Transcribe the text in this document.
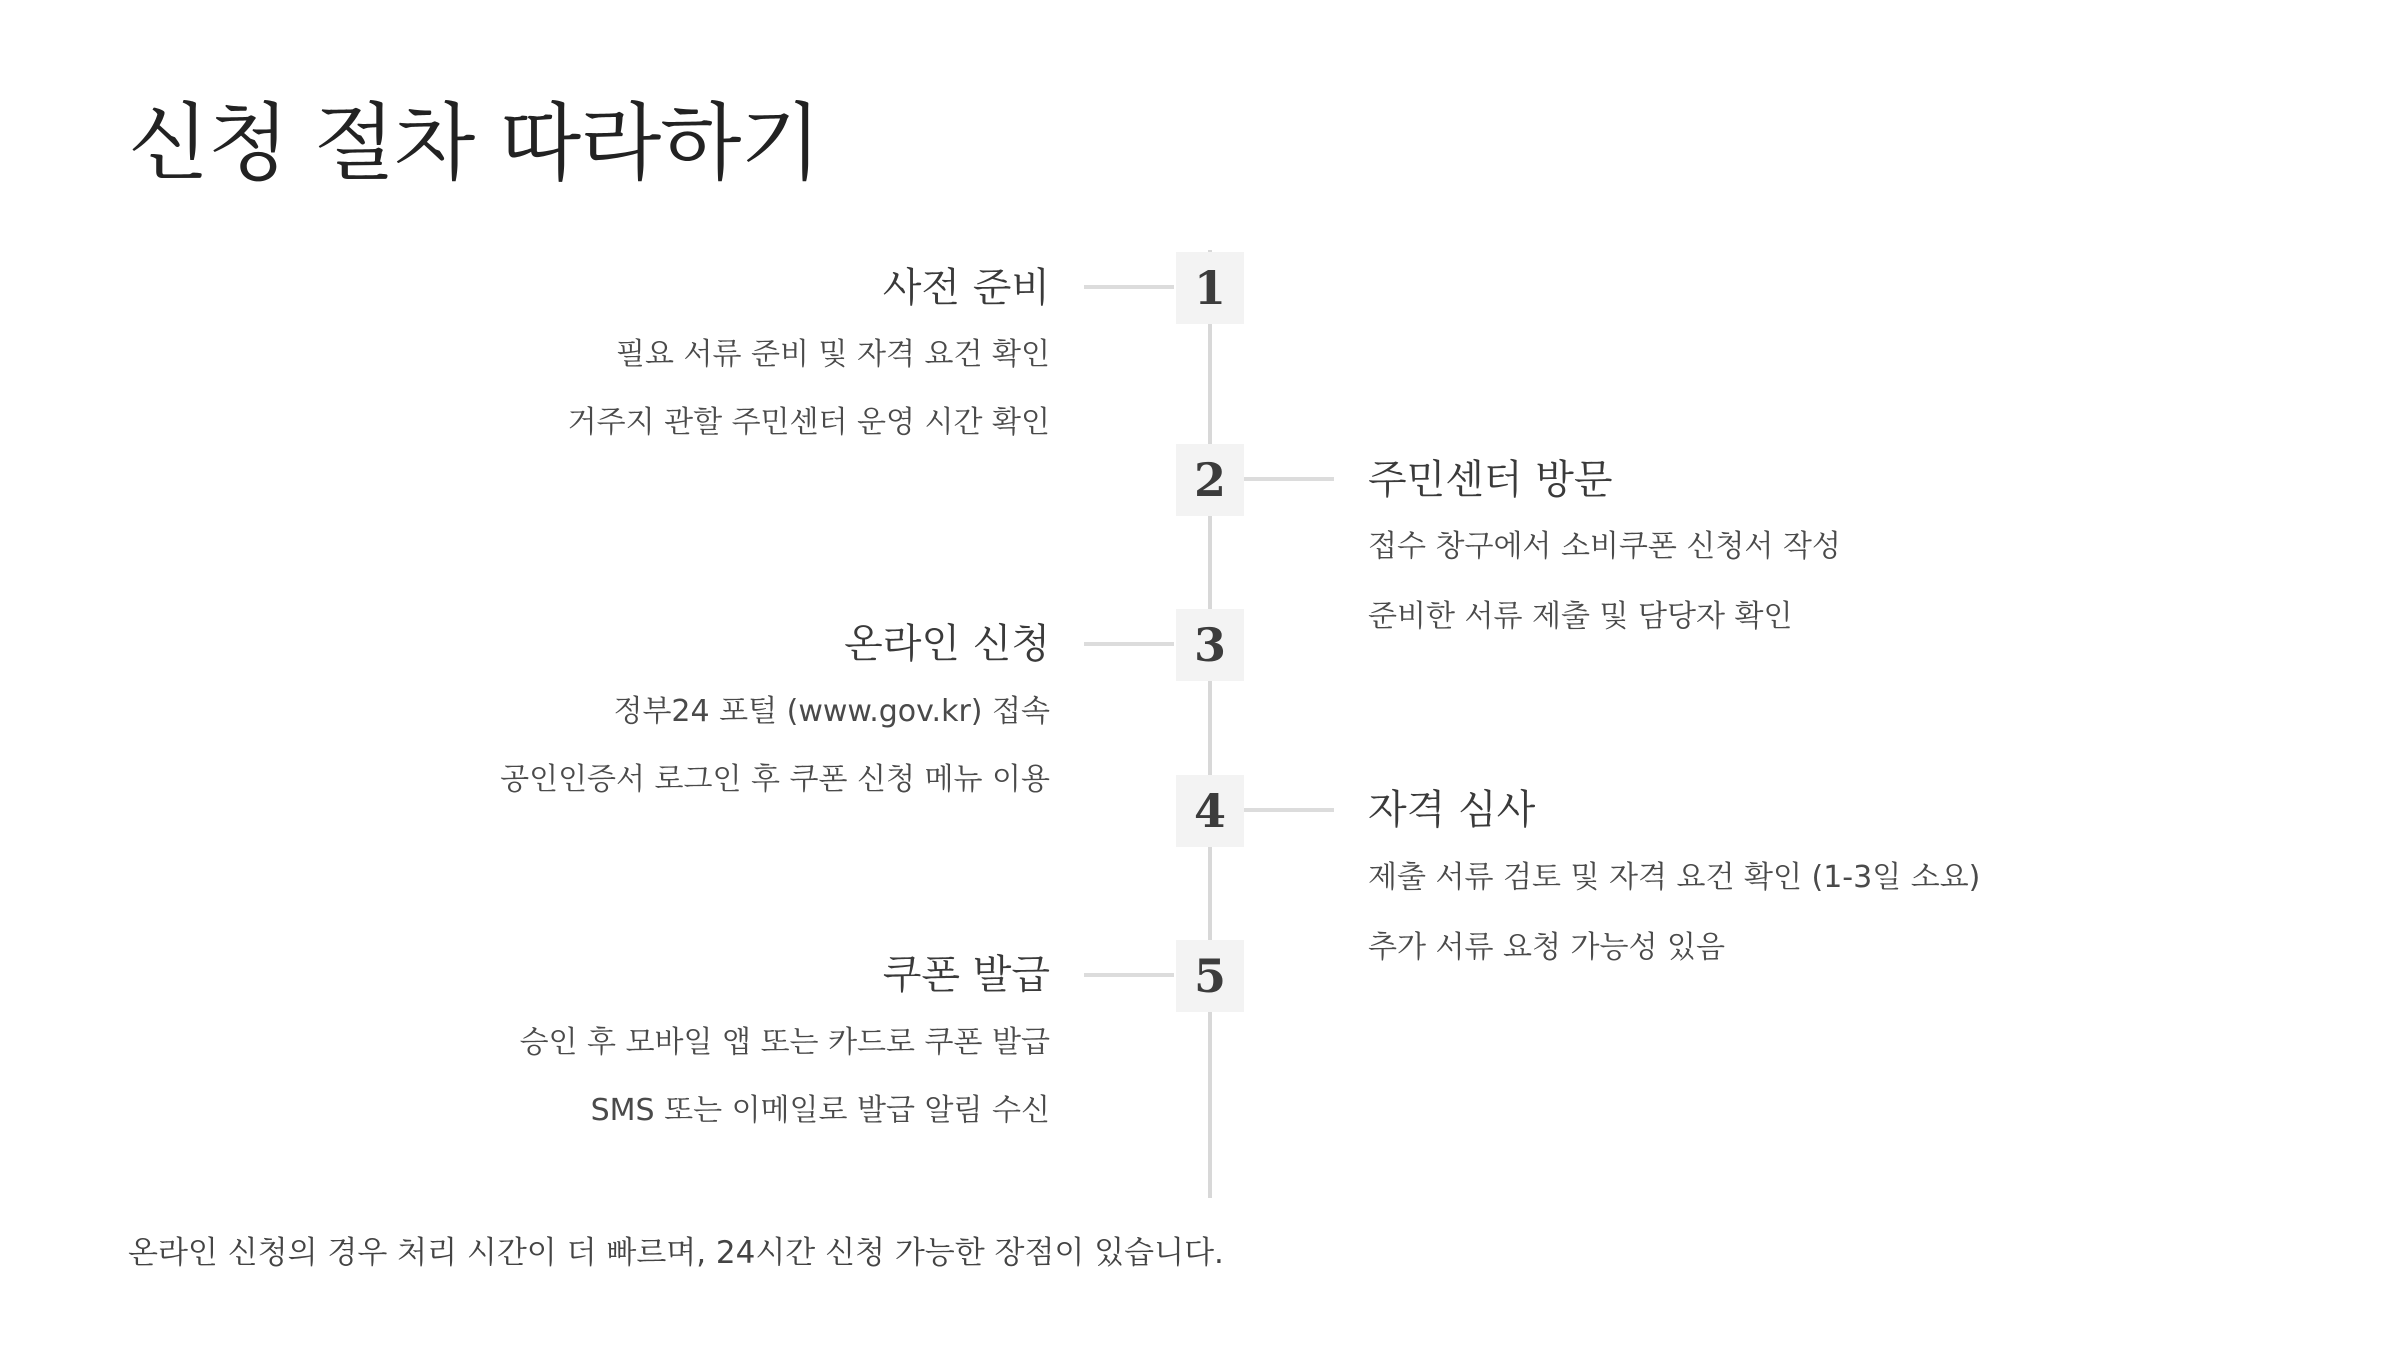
신청 절차 따라하기
1
사전 준비
필요 서류 준비 및 자격 요건 확인
거주지 관할 주민센터 운영 시간 확인
2	주민센터 방문
접수 창구에서 소비쿠폰 신청서 작성
준비한 서류 제출 및 담당자 확인
3
온라인 신청
정부24 포털 (www.gov.kr) 접속
공인인증서 로그인 후 쿠폰 신청 메뉴 이용
4	자격 심사
제출 서류 검토 및 자격 요건 확인 (1-3일 소요)
추가 서류 요청 가능성 있음
5
쿠폰 발급
승인 후 모바일 앱 또는 카드로 쿠폰 발급
SMS 또는 이메일로 발급 알림 수신
온라인 신청의 경우 처리 시간이 더 빠르며, 24시간 신청 가능한 장점이 있습니다.
